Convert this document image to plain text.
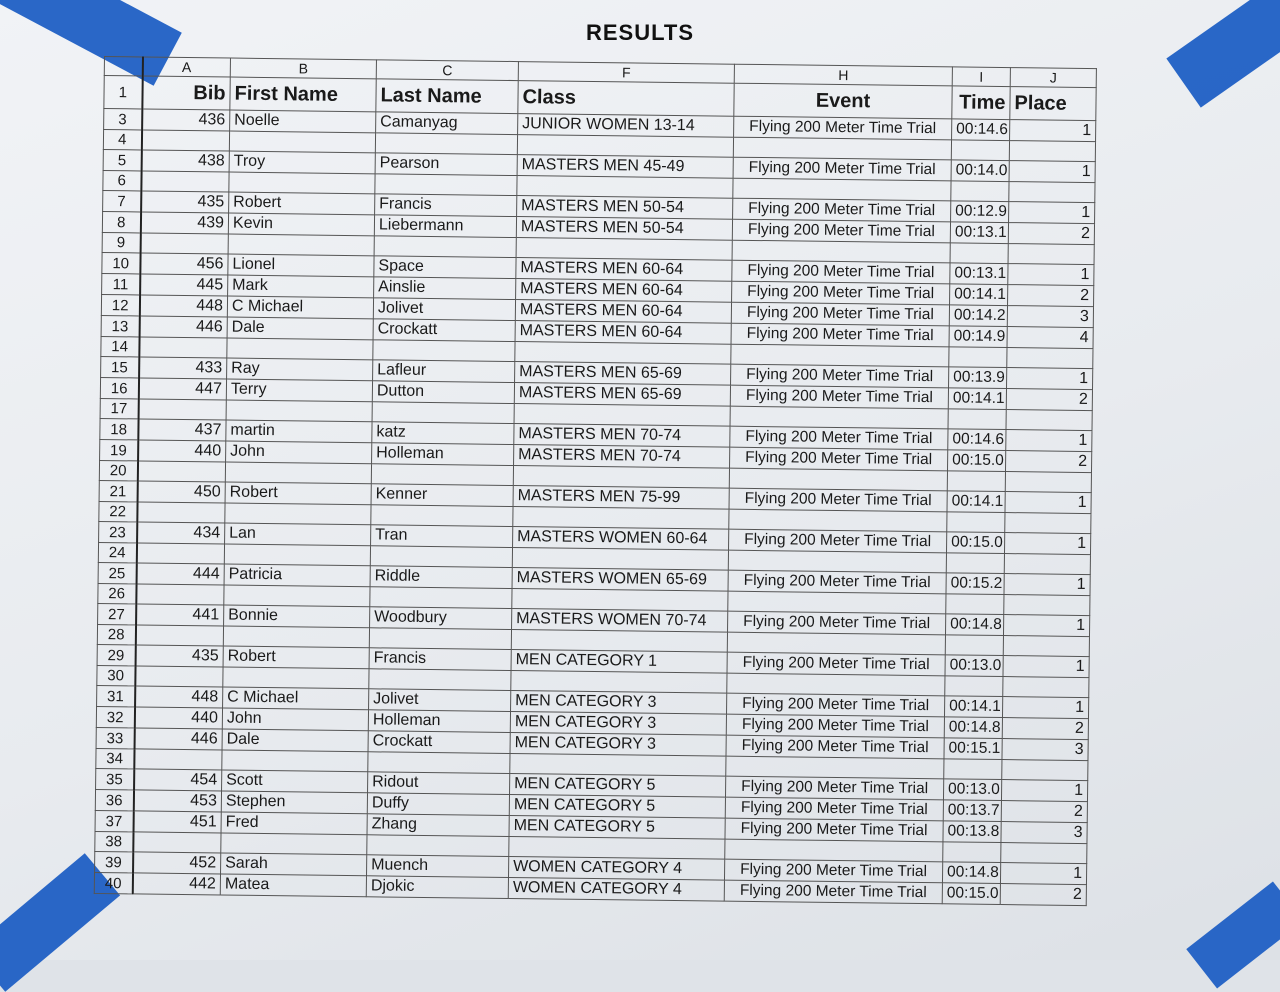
RESULTS
	A	B	C	F	H	I	J
1	Bib	First Name	Last Name	Class	Event	Time	Place
3	436	Noelle	Camanyag	JUNIOR WOMEN 13-14	Flying 200 Meter Time Trial	00:14.6	1
4							
5	438	Troy	Pearson	MASTERS MEN 45-49	Flying 200 Meter Time Trial	00:14.0	1
6							
7	435	Robert	Francis	MASTERS MEN 50-54	Flying 200 Meter Time Trial	00:12.9	1
8	439	Kevin	Liebermann	MASTERS MEN 50-54	Flying 200 Meter Time Trial	00:13.1	2
9							
10	456	Lionel	Space	MASTERS MEN 60-64	Flying 200 Meter Time Trial	00:13.1	1
11	445	Mark	Ainslie	MASTERS MEN 60-64	Flying 200 Meter Time Trial	00:14.1	2
12	448	C Michael	Jolivet	MASTERS MEN 60-64	Flying 200 Meter Time Trial	00:14.2	3
13	446	Dale	Crockatt	MASTERS MEN 60-64	Flying 200 Meter Time Trial	00:14.9	4
14							
15	433	Ray	Lafleur	MASTERS MEN 65-69	Flying 200 Meter Time Trial	00:13.9	1
16	447	Terry	Dutton	MASTERS MEN 65-69	Flying 200 Meter Time Trial	00:14.1	2
17							
18	437	martin	katz	MASTERS MEN 70-74	Flying 200 Meter Time Trial	00:14.6	1
19	440	John	Holleman	MASTERS MEN 70-74	Flying 200 Meter Time Trial	00:15.0	2
20							
21	450	Robert	Kenner	MASTERS MEN 75-99	Flying 200 Meter Time Trial	00:14.1	1
22							
23	434	Lan	Tran	MASTERS WOMEN 60-64	Flying 200 Meter Time Trial	00:15.0	1
24							
25	444	Patricia	Riddle	MASTERS WOMEN 65-69	Flying 200 Meter Time Trial	00:15.2	1
26							
27	441	Bonnie	Woodbury	MASTERS WOMEN 70-74	Flying 200 Meter Time Trial	00:14.8	1
28							
29	435	Robert	Francis	MEN CATEGORY 1	Flying 200 Meter Time Trial	00:13.0	1
30							
31	448	C Michael	Jolivet	MEN CATEGORY 3	Flying 200 Meter Time Trial	00:14.1	1
32	440	John	Holleman	MEN CATEGORY 3	Flying 200 Meter Time Trial	00:14.8	2
33	446	Dale	Crockatt	MEN CATEGORY 3	Flying 200 Meter Time Trial	00:15.1	3
34							
35	454	Scott	Ridout	MEN CATEGORY 5	Flying 200 Meter Time Trial	00:13.0	1
36	453	Stephen	Duffy	MEN CATEGORY 5	Flying 200 Meter Time Trial	00:13.7	2
37	451	Fred	Zhang	MEN CATEGORY 5	Flying 200 Meter Time Trial	00:13.8	3
38							
39	452	Sarah	Muench	WOMEN CATEGORY 4	Flying 200 Meter Time Trial	00:14.8	1
40	442	Matea	Djokic	WOMEN CATEGORY 4	Flying 200 Meter Time Trial	00:15.0	2
